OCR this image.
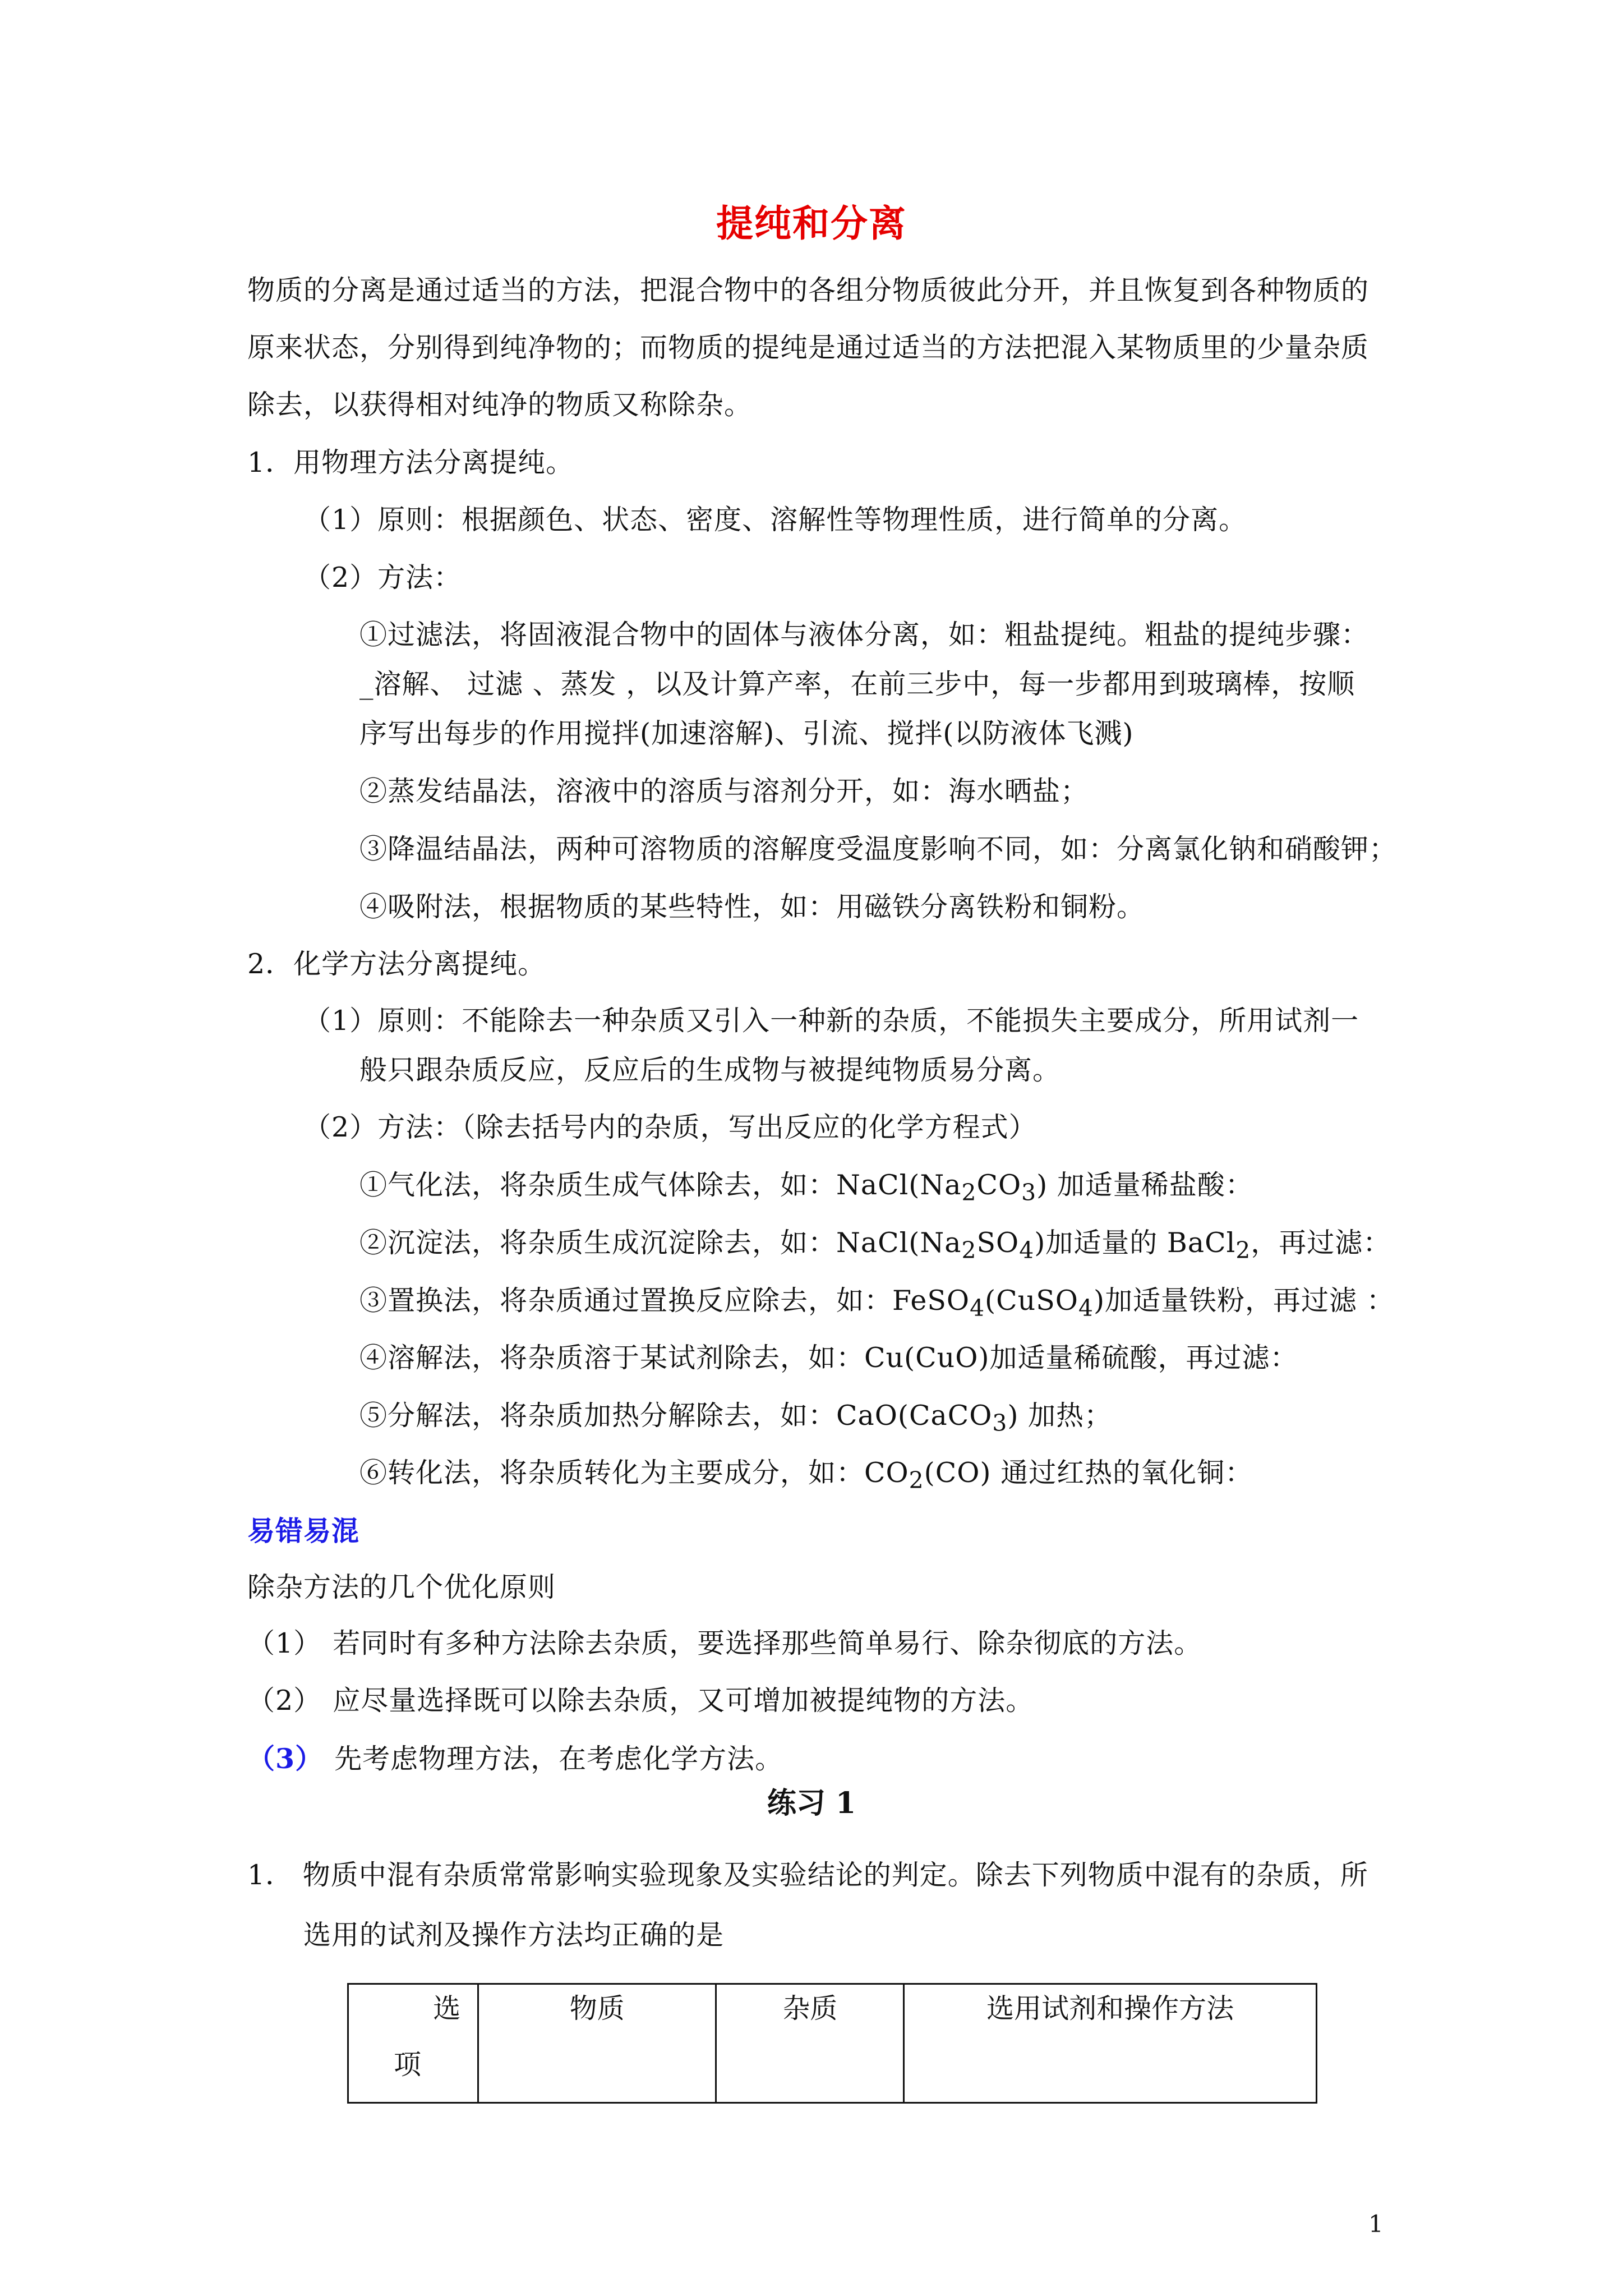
提纯和分离
物质的分离是通过适当的方法，把混合物中的各组分物质彼此分开，并且恢复到各种物质的
原来状态，分别得到纯净物的；而物质的提纯是通过适当的方法把混入某物质里的少量杂质
除去，以获得相对纯净的物质又称除杂。
1．用物理方法分离提纯。
（1）原则：根据颜色、状态、密度、溶解性等物理性质，进行简单的分离。
（2）方法：
①过滤法，将固液混合物中的固体与液体分离，如：粗盐提纯。粗盐的提纯步骤：
_溶解、 过滤 、蒸发 ，以及计算产率，在前三步中，每一步都用到玻璃棒，按顺
序写出每步的作用搅拌(加速溶解)、引流、搅拌(以防液体飞溅)
②蒸发结晶法，溶液中的溶质与溶剂分开，如：海水晒盐；
③降温结晶法，两种可溶物质的溶解度受温度影响不同，如：分离氯化钠和硝酸钾；
④吸附法，根据物质的某些特性，如：用磁铁分离铁粉和铜粉。
2．化学方法分离提纯。
（1）原则：不能除去一种杂质又引入一种新的杂质，不能损失主要成分，所用试剂一
般只跟杂质反应，反应后的生成物与被提纯物质易分离。
（2）方法：（除去括号内的杂质，写出反应的化学方程式）
①气化法，将杂质生成气体除去，如：$NaCl(Na_2CO_3)$ 加适量稀盐酸：
②沉淀法，将杂质生成沉淀除去，如：$NaCl(Na_2SO_4)$加适量的 BaCl$_2$，再过滤：
③置换法，将杂质通过置换反应除去，如：FeSO$_4$(CuSO$_4$)加适量铁粉，再过滤 ：
④溶解法，将杂质溶于某试剂除去，如：Cu(CuO)加适量稀硫酸，再过滤：
⑤分解法，将杂质加热分解除去，如：CaO(CaCO$_3$) 加热；
⑥转化法，将杂质转化为主要成分，如：$CO_2(CO)$ 通过红热的氧化铜：
易错易混
除杂方法的几个优化原则
（1） 若同时有多种方法除去杂质，要选择那些简单易行、除杂彻底的方法。
（2） 应尽量选择既可以除去杂质，又可增加被提纯物的方法。
（3） 先考虑物理方法，在考虑化学方法。
练习 1
1． 物质中混有杂质常常影响实验现象及实验结论的判定。除去下列物质中混有的杂质，所
选用的试剂及操作方法均正确的是
选
项
	物质	杂质	选用试剂和操作方法
1
